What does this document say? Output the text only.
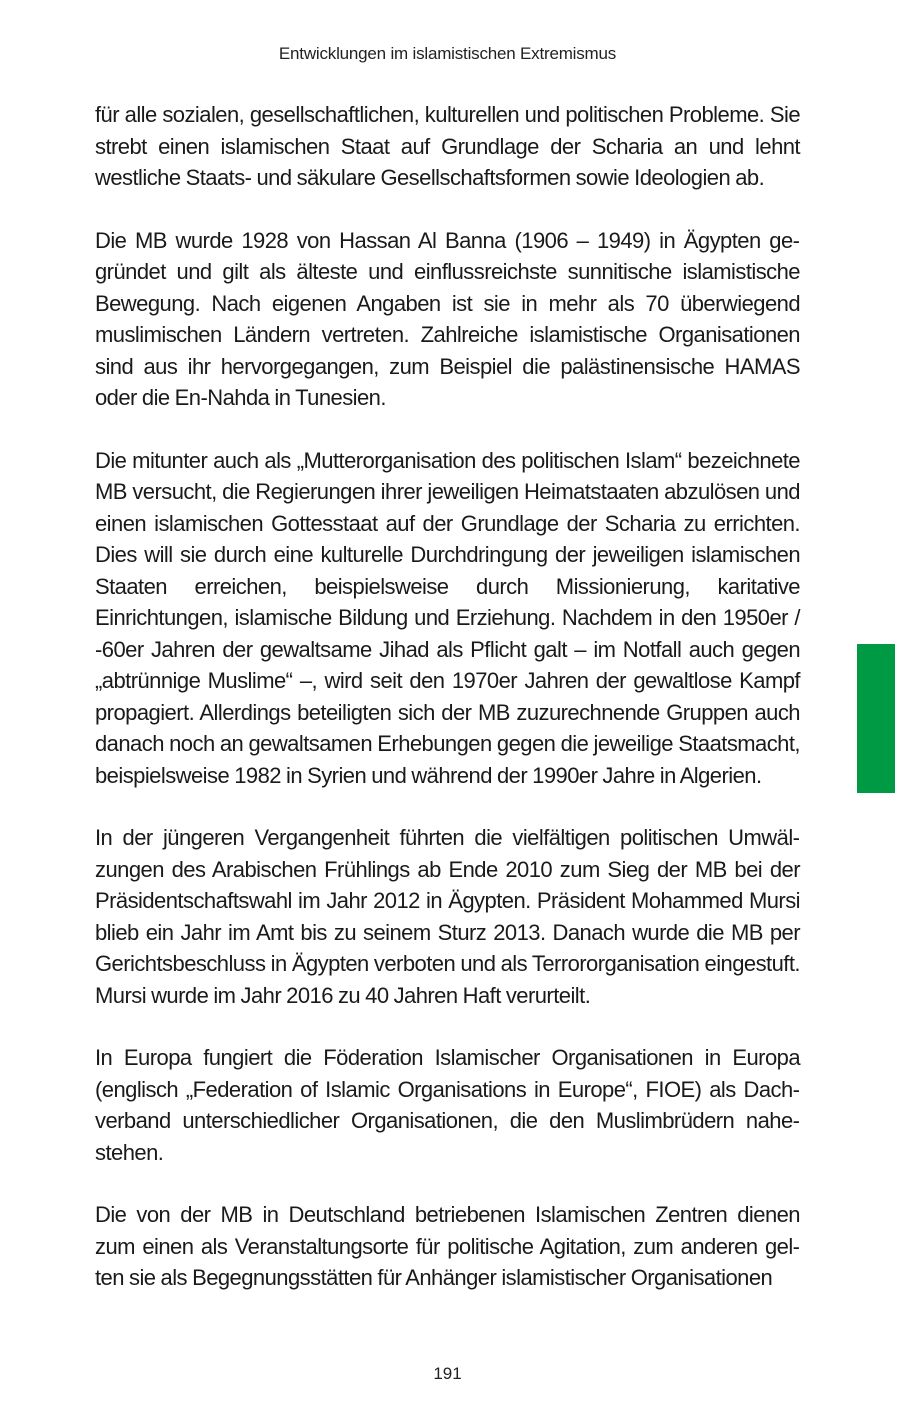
Entwicklungen im islamistischen Extremismus

für alle sozialen, gesellschaftlichen, kulturellen und politischen Probleme. Sie strebt einen islamischen Staat auf Grundlage der Scharia an und lehnt westliche Staats- und säkulare Gesellschaftsformen sowie Ideologien ab.

Die MB wurde 1928 von Hassan Al Banna (1906 – 1949) in Ägypten gegründet und gilt als älteste und einflussreichste sunnitische islamistische Bewegung. Nach eigenen Angaben ist sie in mehr als 70 überwiegend muslimischen Ländern vertreten. Zahlreiche islamistische Organisationen sind aus ihr hervorgegangen, zum Beispiel die palästinensische HAMAS oder die En-Nahda in Tunesien.

Die mitunter auch als „Mutterorganisation des politischen Islam“ bezeichnete MB versucht, die Regierungen ihrer jeweiligen Heimatstaaten abzulösen und einen islamischen Gottesstaat auf der Grundlage der Scharia zu errichten. Dies will sie durch eine kulturelle Durchdringung der jeweiligen islamischen Staaten erreichen, beispielsweise durch Missionierung, karitative Einrichtungen, islamische Bildung und Erziehung. Nachdem in den 1950er / -60er Jahren der gewaltsame Jihad als Pflicht galt – im Notfall auch gegen „abtrünnige Muslime“ –, wird seit den 1970er Jahren der gewaltlose Kampf propagiert. Allerdings beteiligten sich der MB zuzurechnende Gruppen auch danach noch an gewaltsamen Erhebungen gegen die jeweilige Staatsmacht, beispielsweise 1982 in Syrien und während der 1990er Jahre in Algerien.

In der jüngeren Vergangenheit führten die vielfältigen politischen Umwälzungen des Arabischen Frühlings ab Ende 2010 zum Sieg der MB bei der Präsidentschaftswahl im Jahr 2012 in Ägypten. Präsident Mohammed Mursi blieb ein Jahr im Amt bis zu seinem Sturz 2013. Danach wurde die MB per Gerichtsbeschluss in Ägypten verboten und als Terrororganisation eingestuft. Mursi wurde im Jahr 2016 zu 40 Jahren Haft verurteilt.

In Europa fungiert die Föderation Islamischer Organisationen in Europa (englisch „Federation of Islamic Organisations in Europe“, FIOE) als Dachverband unterschiedlicher Organisationen, die den Muslimbrüdern nahestehen.

Die von der MB in Deutschland betriebenen Islamischen Zentren dienen zum einen als Veranstaltungsorte für politische Agitation, zum anderen gelten sie als Begegnungsstätten für Anhänger islamistischer Organisationen

191
